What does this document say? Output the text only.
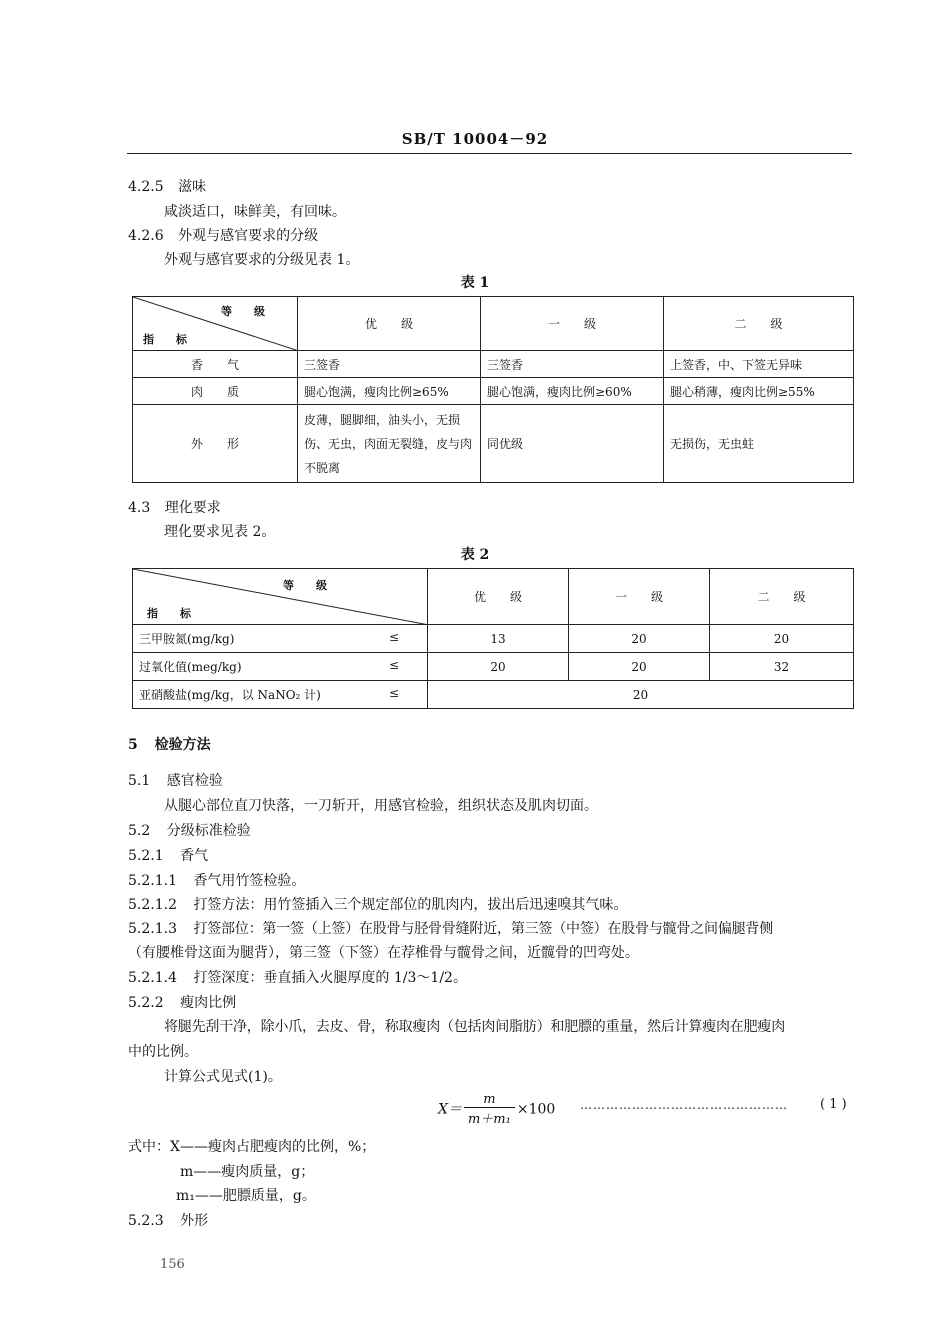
SB/T 10004－92
4.2.5 滋味
咸淡适口，味鲜美，有回味。
4.2.6 外观与感官要求的分级
外观与感官要求的分级见表 1。
表 1
等　　级
指　　标	优　　级	一　　级	二　　级
香　　气	三签香	三签香	上签香，中、下签无异味
肉　　质	腿心饱满，瘦肉比例≥65%	腿心饱满，瘦肉比例≥60%	腿心稍薄，瘦肉比例≥55%
外　　形	皮薄，腿脚细，油头小，无损伤、无虫，肉面无裂缝，皮与肉不脱离	同优级	无损伤，无虫蛀
4.3 理化要求
理化要求见表 2。
表 2
等　　级
指　　标	优　　级	一　　级	二　　级
三甲胺氮(mg/kg) ≤	13	20	20
过氧化值(meg/kg) ≤	20	20	32
亚硝酸盐(mg/kg，以 NaNO₂ 计) ≤	20		
5 检验方法
5.1 感官检验
从腿心部位直刀快落，一刀斩开，用感官检验，组织状态及肌肉切面。
5.2 分级标准检验
5.2.1 香气
5.2.1.1 香气用竹签检验。
5.2.1.2 打签方法：用竹签插入三个规定部位的肌肉内，拔出后迅速嗅其气味。
5.2.1.3 打签部位：第一签（上签）在股骨与胫骨骨缝附近，第三签（中签）在股骨与髋骨之间偏腿背侧
（有腰椎骨这面为腿背），第三签（下签）在荐椎骨与髋骨之间，近髋骨的凹弯处。
5.2.1.4 打签深度：垂直插入火腿厚度的 1/3～1/2。
5.2.2 瘦肉比例
将腿先刮干净，除小爪，去皮、骨，称取瘦肉（包括肉间脂肪）和肥膘的重量，然后计算瘦肉在肥瘦肉
中的比例。
计算公式见式(1)。
$X= \frac{m}{\text{m＋m₁}} \times 100$ ………………………………………… ( 1 )
式中：X——瘦肉占肥瘦肉的比例，%；
m——瘦肉质量，g；
m₁——肥膘质量，g。
5.2.3 外形
156
